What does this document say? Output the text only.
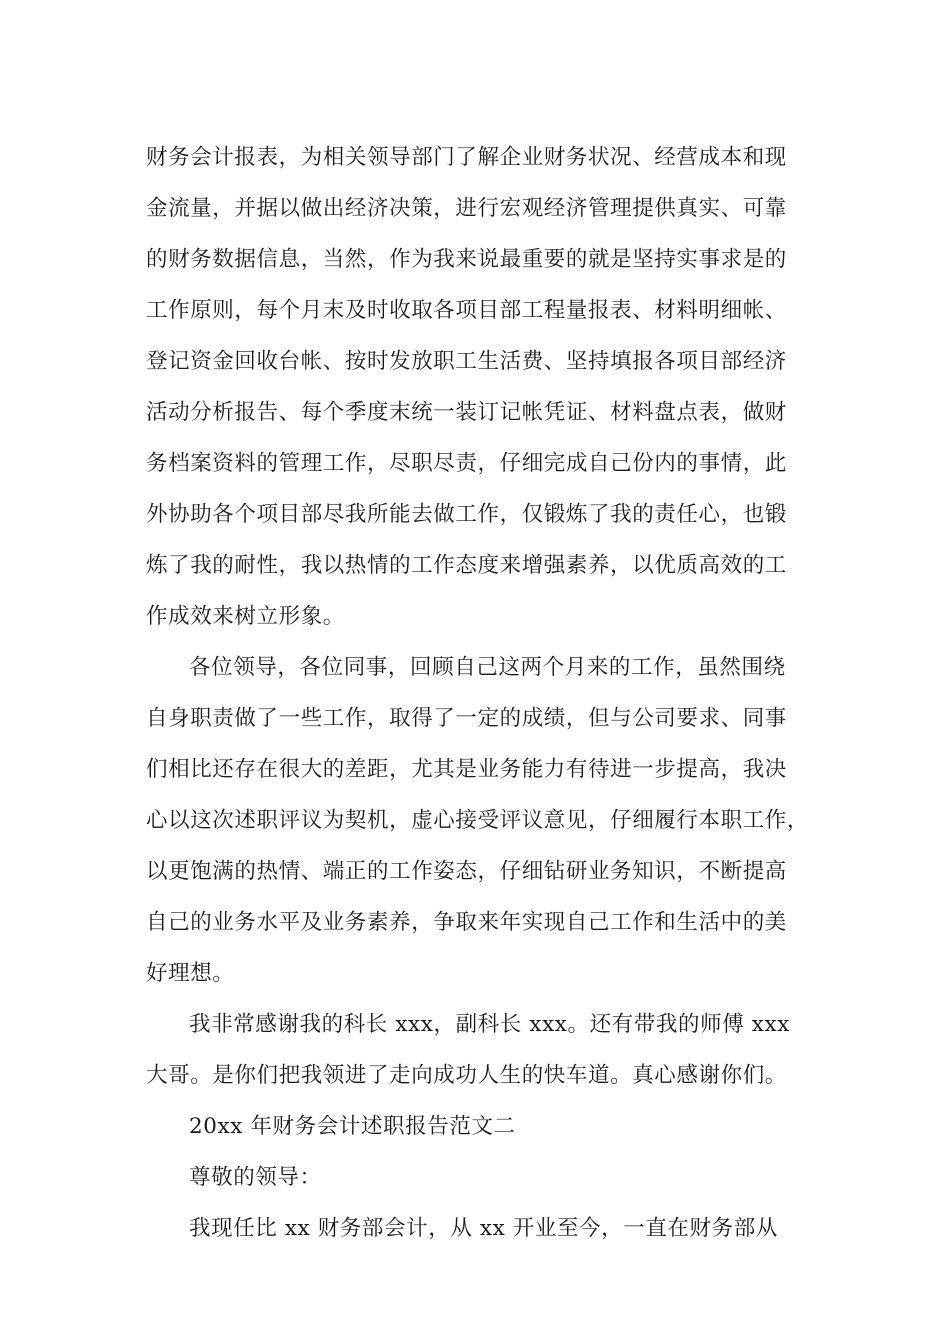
财务会计报表，为相关领导部门了解企业财务状况、经营成本和现
金流量，并据以做出经济决策，进行宏观经济管理提供真实、可靠
的财务数据信息，当然，作为我来说最重要的就是坚持实事求是的
工作原则，每个月末及时收取各项目部工程量报表、材料明细帐、
登记资金回收台帐、按时发放职工生活费、坚持填报各项目部经济
活动分析报告、每个季度末统一装订记帐凭证、材料盘点表，做财
务档案资料的管理工作，尽职尽责，仔细完成自己份内的事情，此
外协助各个项目部尽我所能去做工作，仅锻炼了我的责任心，也锻
炼了我的耐性，我以热情的工作态度来增强素养，以优质高效的工
作成效来树立形象。
各位领导，各位同事，回顾自己这两个月来的工作，虽然围绕
自身职责做了一些工作，取得了一定的成绩，但与公司要求、同事
们相比还存在很大的差距，尤其是业务能力有待进一步提高，我决
心以这次述职评议为契机，虚心接受评议意见，仔细履行本职工作，
以更饱满的热情、端正的工作姿态，仔细钻研业务知识，不断提高
自己的业务水平及业务素养，争取来年实现自己工作和生活中的美
好理想。
我非常感谢我的科长 xxx，副科长 xxx。还有带我的师傅 xxx
大哥。是你们把我领进了走向成功人生的快车道。真心感谢你们。
20xx 年财务会计述职报告范文二
尊敬的领导：
我现任比 xx 财务部会计，从 xx 开业至今，一直在财务部从
